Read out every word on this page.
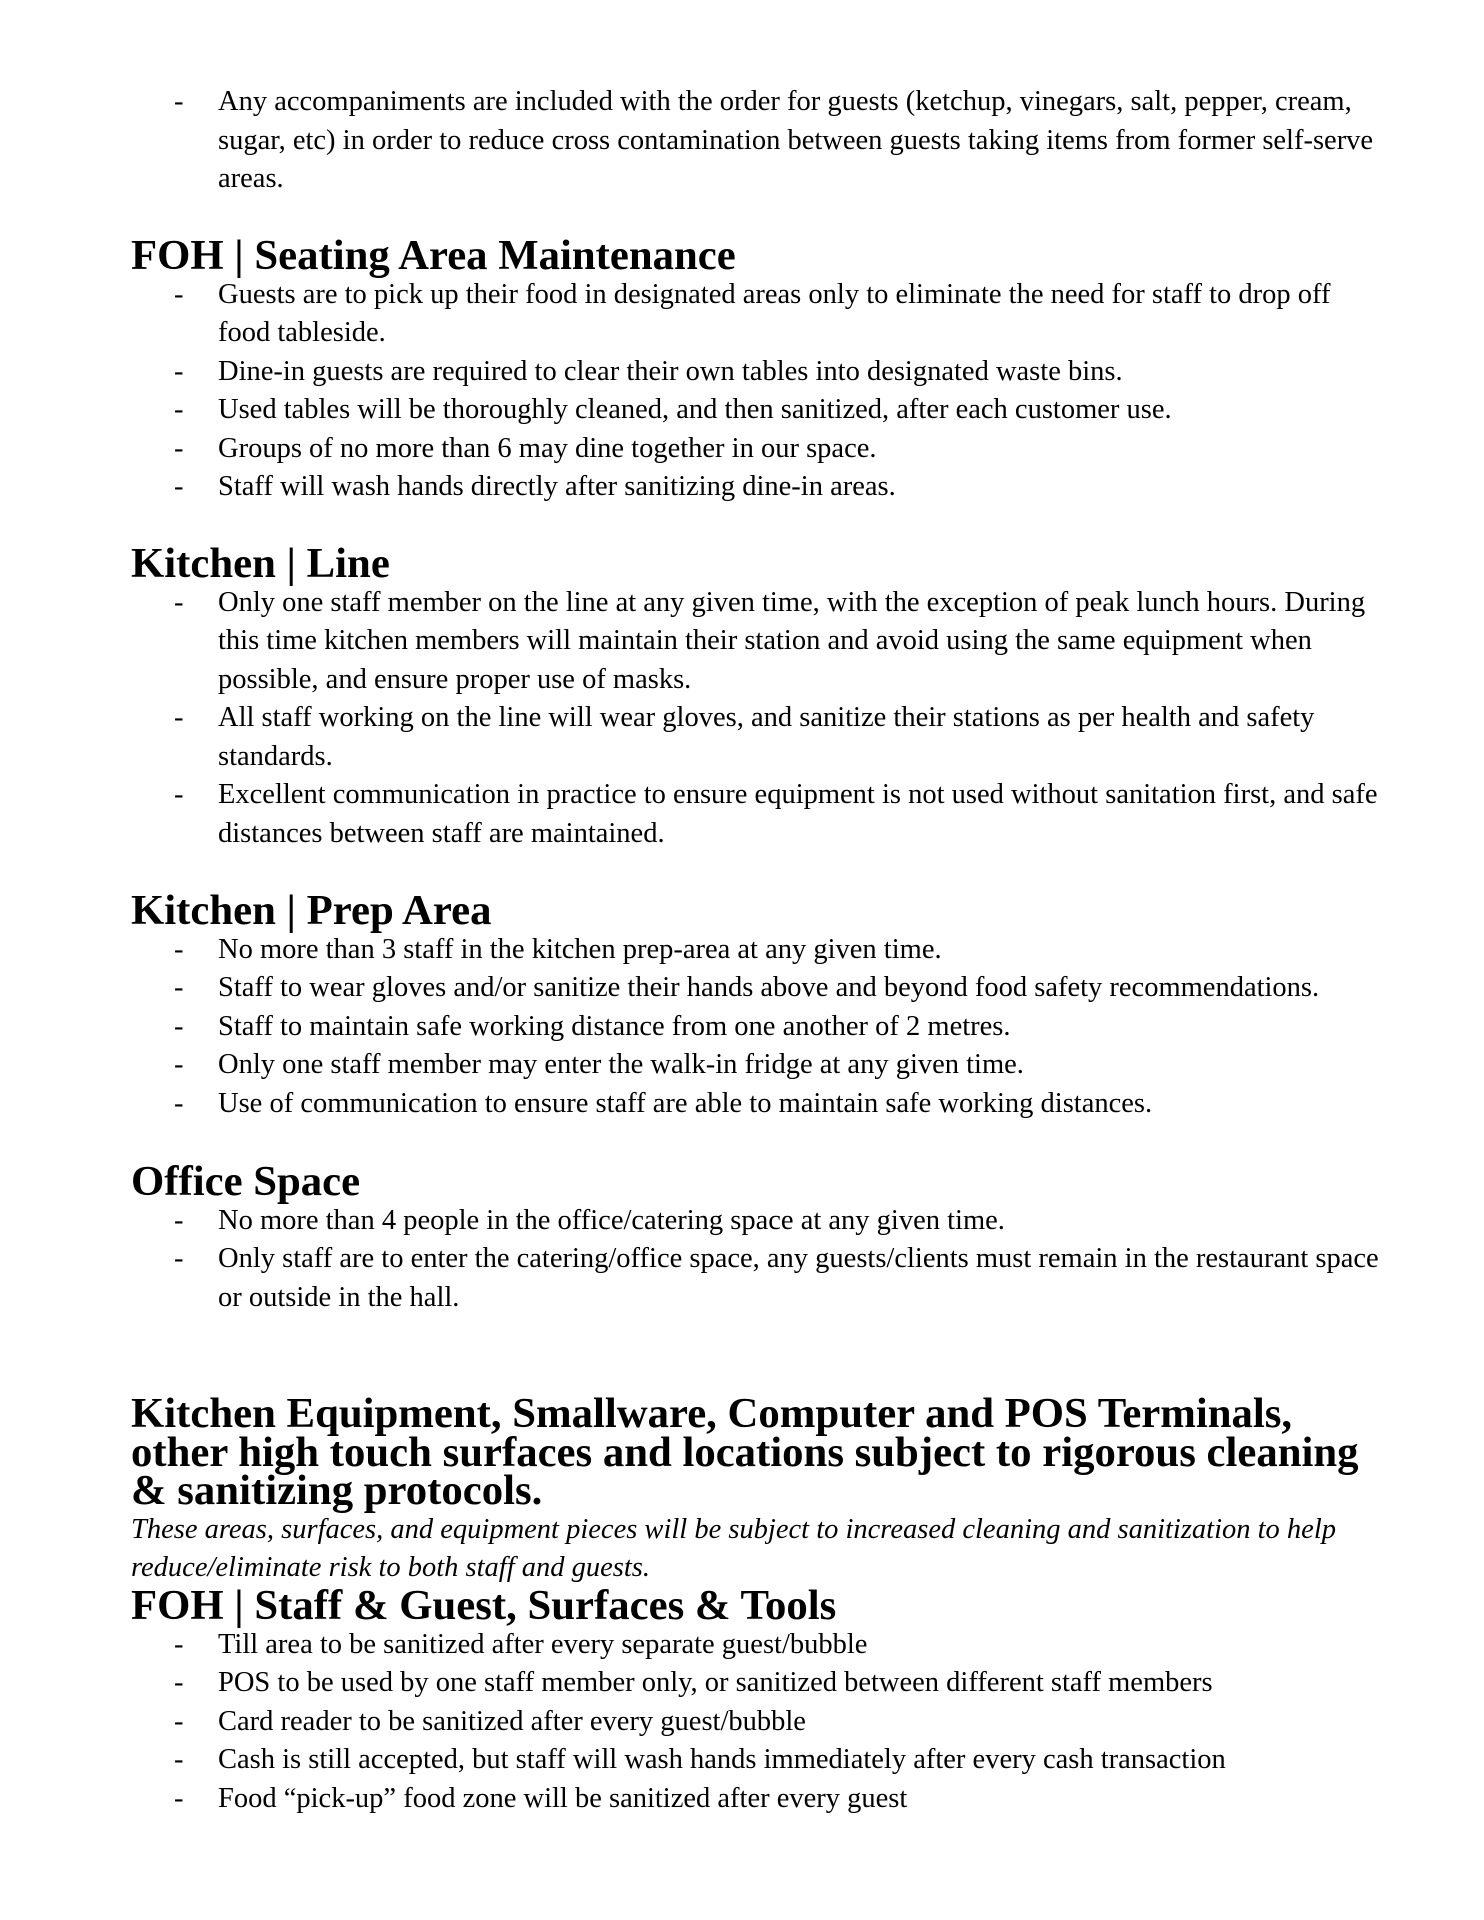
- Any accompaniments are included with the order for guests (ketchup, vinegars, salt, pepper, cream, sugar, etc) in order to reduce cross contamination between guests taking items from former self-serve areas.
FOH | Seating Area Maintenance
- Guests are to pick up their food in designated areas only to eliminate the need for staff to drop off food tableside.
- Dine-in guests are required to clear their own tables into designated waste bins.
- Used tables will be thoroughly cleaned, and then sanitized, after each customer use.
- Groups of no more than 6 may dine together in our space.
- Staff will wash hands directly after sanitizing dine-in areas.
Kitchen | Line
- Only one staff member on the line at any given time, with the exception of peak lunch hours. During this time kitchen members will maintain their station and avoid using the same equipment when possible, and ensure proper use of masks.
- All staff working on the line will wear gloves, and sanitize their stations as per health and safety standards.
- Excellent communication in practice to ensure equipment is not used without sanitation first, and safe distances between staff are maintained.
Kitchen | Prep Area
- No more than 3 staff in the kitchen prep-area at any given time.
- Staff to wear gloves and/or sanitize their hands above and beyond food safety recommendations.
- Staff to maintain safe working distance from one another of 2 metres.
- Only one staff member may enter the walk-in fridge at any given time.
- Use of communication to ensure staff are able to maintain safe working distances.
Office Space
- No more than 4 people in the office/catering space at any given time.
- Only staff are to enter the catering/office space, any guests/clients must remain in the restaurant space or outside in the hall.
Kitchen Equipment, Smallware, Computer and POS Terminals, other high touch surfaces and locations subject to rigorous cleaning & sanitizing protocols.

These areas, surfaces, and equipment pieces will be subject to increased cleaning and sanitization to help reduce/eliminate risk to both staff and guests.

FOH | Staff & Guest, Surfaces & Tools
- Till area to be sanitized after every separate guest/bubble
- POS to be used by one staff member only, or sanitized between different staff members
- Card reader to be sanitized after every guest/bubble
- Cash is still accepted, but staff will wash hands immediately after every cash transaction
- Food “pick-up” food zone will be sanitized after every guest
